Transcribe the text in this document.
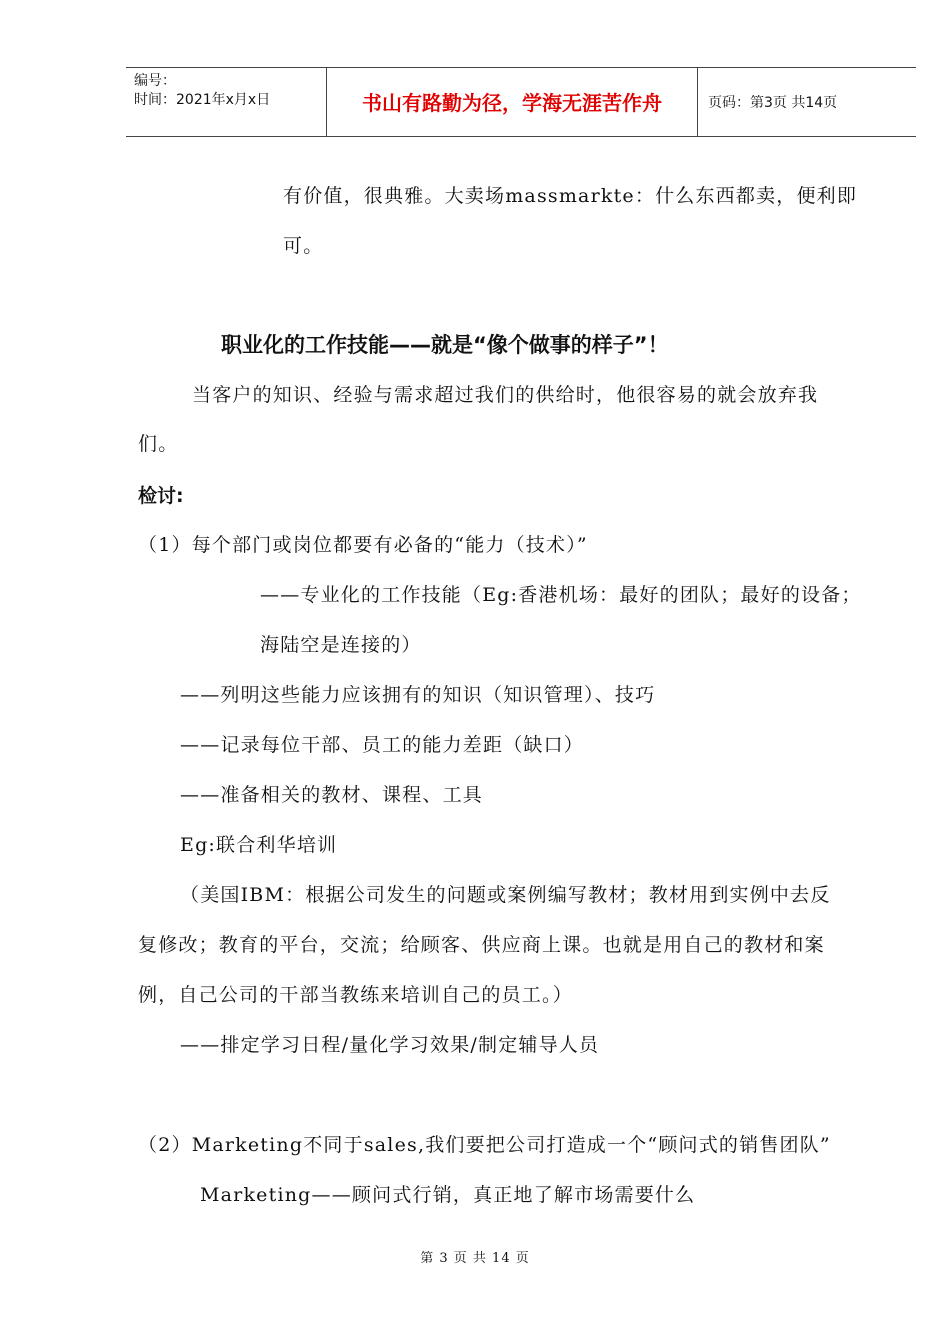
编号：
时间：2021年x月x日	书山有路勤为径，学海无涯苦作舟	页码：第3页 共14页
有价值，很典雅。大卖场massmarkte：什么东西都卖，便利即
可。
职业化的工作技能——就是“像个做事的样子”！
当客户的知识、经验与需求超过我们的供给时，他很容易的就会放弃我
们。
检讨:
（1）每个部门或岗位都要有必备的“能力（技术）”
——专业化的工作技能（Eg:香港机场：最好的团队；最好的设备；
海陆空是连接的）
——列明这些能力应该拥有的知识（知识管理）、技巧
——记录每位干部、员工的能力差距（缺口）
——准备相关的教材、课程、工具
Eg:联合利华培训
（美国IBM：根据公司发生的问题或案例编写教材；教材用到实例中去反
复修改；教育的平台，交流；给顾客、供应商上课。也就是用自己的教材和案
例，自己公司的干部当教练来培训自己的员工。）
——排定学习日程/量化学习效果/制定辅导人员
（2）Marketing不同于sales,我们要把公司打造成一个“顾问式的销售团队”
Marketing——顾问式行销，真正地了解市场需要什么
第 3 页 共 14 页
